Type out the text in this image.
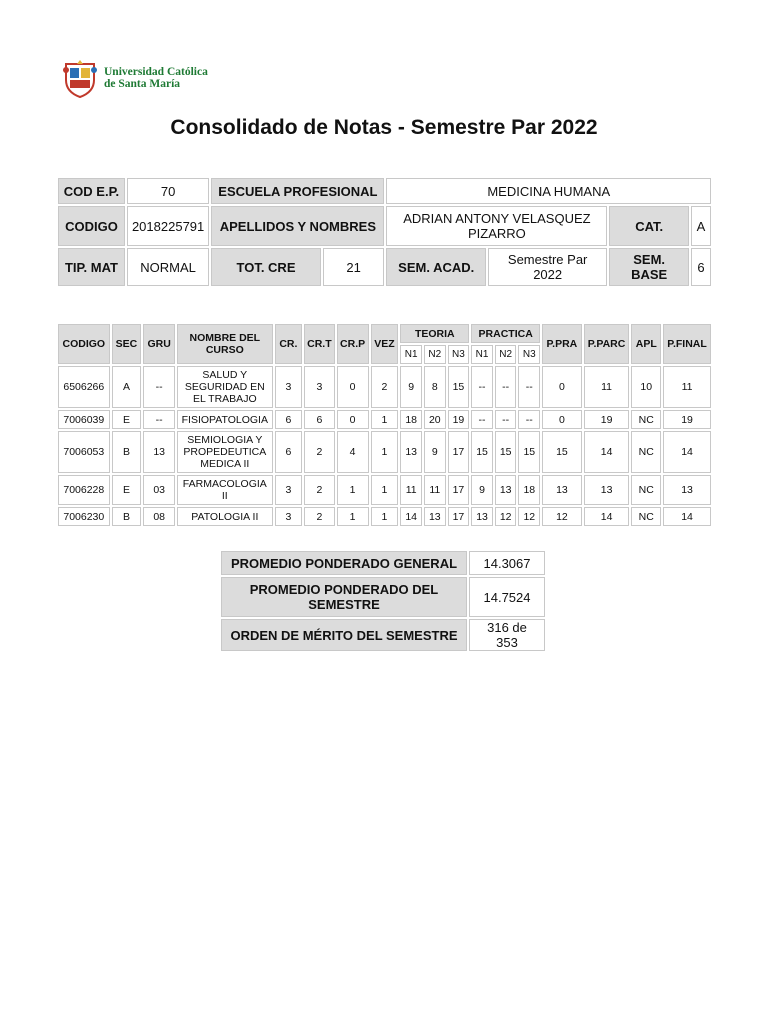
Universidad Católica
de Santa María
Consolidado de Notas - Semestre Par 2022
COD E.P.	70	ESCUELA PROFESIONAL		MEDICINA HUMANA			
CODIGO	2018225791	APELLIDOS Y NOMBRES		ADRIAN ANTONY VELASQUEZ PIZARRO		CAT.	A
TIP. MAT	NORMAL	TOT. CRE	21	SEM. ACAD.	Semestre Par 2022	SEM. BASE	6
CODIGO	SEC	GRU	NOMBRE DEL CURSO	CR.	CR.T	CR.P	VEZ	TEORIA			PRACTICA			P.PRA	P.PARC	APL	P.FINAL
								N1	N2	N3	N1	N2	N3				
6506266	A	--	SALUD Y SEGURIDAD EN EL TRABAJO	3	3	0	2	9	8	15	--	--	--	0	11	10	11
7006039	E	--	FISIOPATOLOGIA	6	6	0	1	18	20	19	--	--	--	0	19	NC	19
7006053	B	13	SEMIOLOGIA Y PROPEDEUTICA MEDICA II	6	2	4	1	13	9	17	15	15	15	15	14	NC	14
7006228	E	03	FARMACOLOGIA II	3	2	1	1	11	11	17	9	13	18	13	13	NC	13
7006230	B	08	PATOLOGIA II	3	2	1	1	14	13	17	13	12	12	12	14	NC	14
PROMEDIO PONDERADO GENERAL	14.3067
PROMEDIO PONDERADO DEL SEMESTRE	14.7524
ORDEN DE MÉRITO DEL SEMESTRE	316 de 353
